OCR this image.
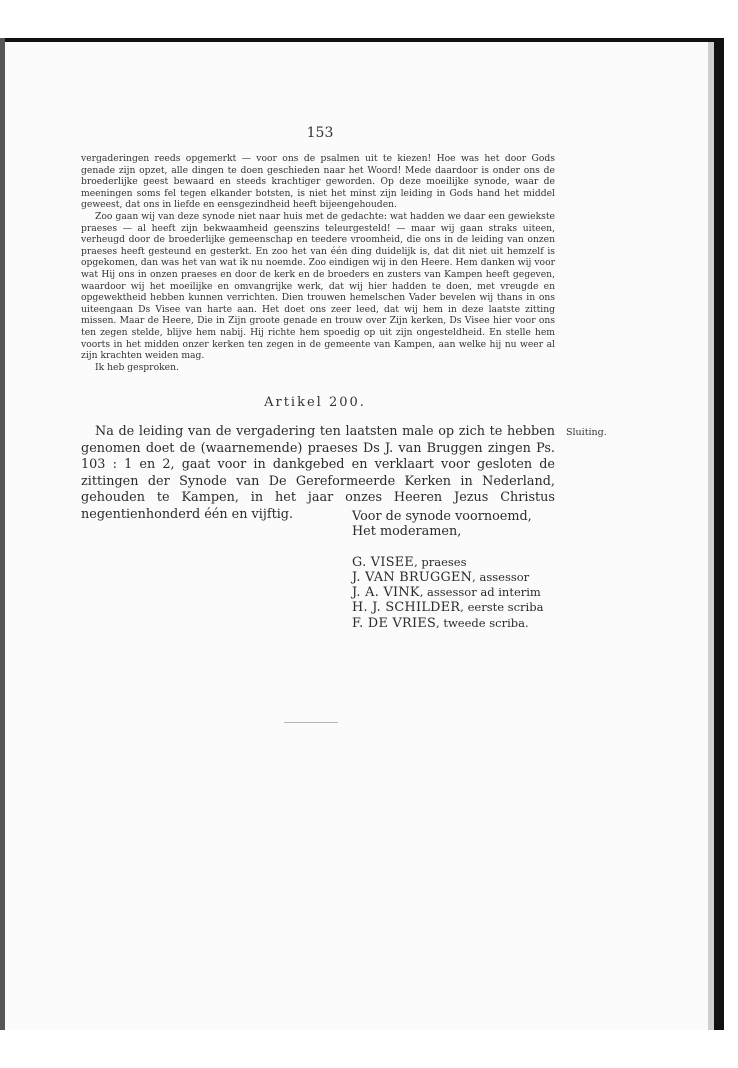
153

vergaderingen reeds opgemerkt — voor ons de psalmen uit te kiezen! Hoe was het door Gods genade zijn opzet, alle dingen te doen geschieden naar het Woord! Mede daardoor is onder ons de broederlijke geest bewaard en steeds krachtiger geworden. Op deze moeilijke synode, waar de meeningen soms fel tegen elkander botsten, is niet het minst zijn leiding in Gods hand het middel geweest, dat ons in liefde en eensgezindheid heeft bijeengehouden.

Zoo gaan wij van deze synode niet naar huis met de gedachte: wat hadden we daar een gewiekste praeses — al heeft zijn bekwaamheid geenszins teleurgesteld! — maar wij gaan straks uiteen, verheugd door de broederlijke gemeenschap en teedere vroomheid, die ons in de leiding van onzen praeses heeft gesteund en gesterkt. En zoo het van één ding duidelijk is, dat dit niet uit hemzelf is opgekomen, dan was het van wat ik nu noemde. Zoo eindigen wij in den Heere. Hem danken wij voor wat Hij ons in onzen praeses en door de kerk en de broeders en zusters van Kampen heeft gegeven, waardoor wij het moeilijke en omvangrijke werk, dat wij hier hadden te doen, met vreugde en opgewekthеid hebben kunnen verrichten. Dien trouwen hemelschen Vader bevelen wij thans in ons uiteengaan Ds Visee van harte aan. Het doet ons zeer leed, dat wij hem in deze laatste zitting missen. Maar de Heere, Die in Zijn groote genade en trouw over Zijn kerken, Ds Visee hier voor ons ten zegen stelde, blijve hem nabij. Hij richte hem spoedig op uit zijn ongesteldheid. En stelle hem voorts in het midden onzer kerken ten zegen in de gemeente van Kampen, aan welke hij nu weer al zijn krachten weiden mag.

Ik heb gesproken.

Artikel 200.
Sluiting.

Na de leiding van de vergadering ten laatsten male op zich te hebben genomen doet de (waarnemende) praeses Ds J. van Bruggen zingen Ps. 103 : 1 en 2, gaat voor in dankgebed en verklaart voor gesloten de zittingen der Synode van De Gereformeerde Kerken in Nederland, gehouden te Kampen, in het jaar onzes Heeren Jezus Christus negentienhonderd één en vijftig.	Voor de synode voornoemd,
Het moderamen,
G. VISEE, praeses
J. VAN BRUGGEN, assessor
J. A. VINK, assessor ad interim
H. J. SCHILDER, eerste scriba
F. DE VRIES, tweede scriba.
